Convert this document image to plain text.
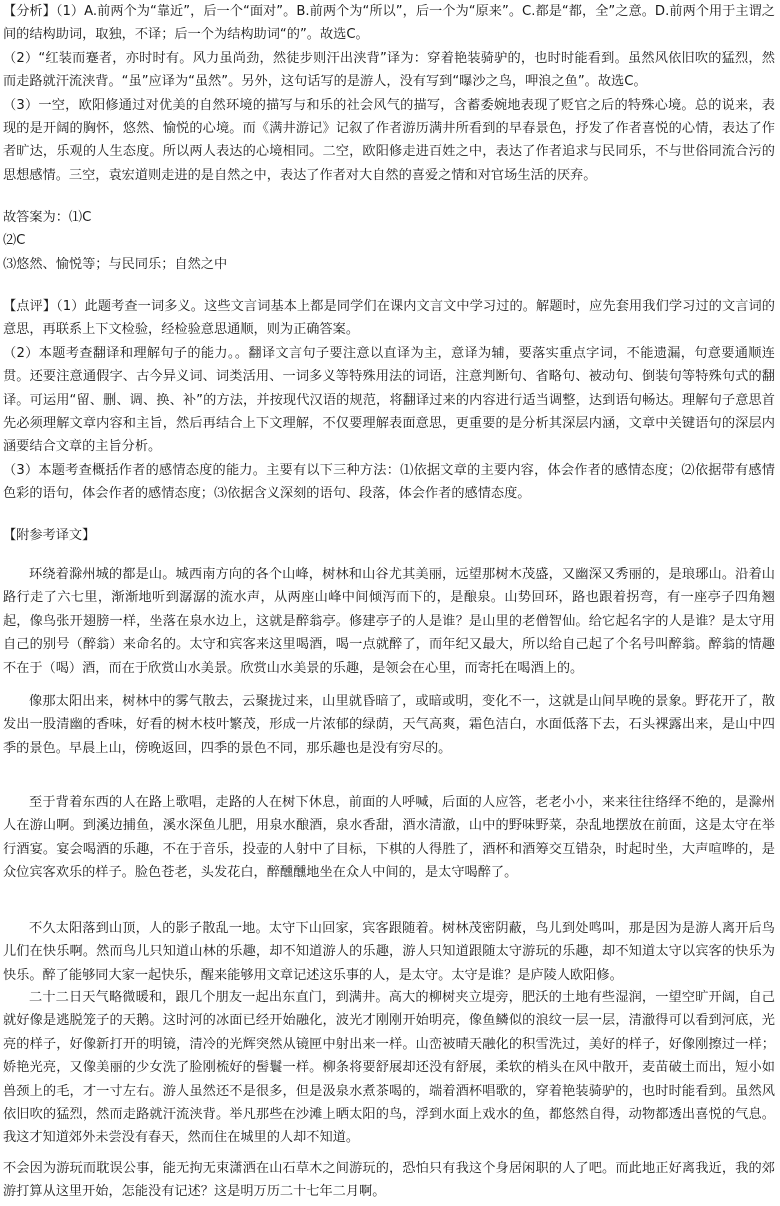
【分析】（1）A.前两个为“靠近”，后一个“面对”。B.前两个为“所以”，后一个为“原来”。C.都是“都，全”之意。D.前两个用于主谓之间的结构助词，取独，不译；后一个为结构助词“的”。故选C。

（2）“红装而蹇者，亦时时有。风力虽尚劲，然徒步则汗出浃背”译为：穿着艳装骑驴的，也时时能看到。虽然风依旧吹的猛烈，然而走路就汗流浃背。“虽”应译为“虽然”。另外，这句话写的是游人，没有写到“曝沙之鸟，呷浪之鱼”。故选C。

（3）一空，欧阳修通过对优美的自然环境的描写与和乐的社会风气的描写，含蓄委婉地表现了贬官之后的特殊心境。总的说来，表现的是开阔的胸怀，悠然、愉悦的心境。而《满井游记》记叙了作者游历满井所看到的早春景色，抒发了作者喜悦的心情，表达了作者旷达，乐观的人生态度。所以两人表达的心境相同。二空，欧阳修走进百姓之中，表达了作者追求与民同乐，不与世俗同流合污的思想感情。三空，袁宏道则走进的是自然之中，表达了作者对大自然的喜爱之情和对官场生活的厌弃。

故答案为：⑴C

⑵C

⑶悠然、愉悦等；与民同乐；自然之中

【点评】（1）此题考查一词多义。这些文言词基本上都是同学们在课内文言文中学习过的。解题时，应先套用我们学习过的文言词的意思，再联系上下文检验，经检验意思通顺，则为正确答案。

（2）本题考查翻译和理解句子的能力。。翻译文言句子要注意以直译为主，意译为辅，要落实重点字词，不能遗漏，句意要通顺连贯。还要注意通假字、古今异义词、词类活用、一词多义等特殊用法的词语，注意判断句、省略句、被动句、倒装句等特殊句式的翻译。可运用“留、删、调、换、补”的方法，并按现代汉语的规范，将翻译过来的内容进行适当调整，达到语句畅达。理解句子意思首先必须理解文章内容和主旨，然后再结合上下文理解，不仅要理解表面意思，更重要的是分析其深层内涵，文章中关键语句的深层内涵要结合文章的主旨分析。

（3）本题考查概括作者的感情态度的能力。主要有以下三种方法：⑴依据文章的主要内容，体会作者的感情态度；⑵依据带有感情色彩的语句，体会作者的感情态度；⑶依据含义深刻的语句、段落，体会作者的感情态度。

【附参考译文】

环绕着滁州城的都是山。城西南方向的各个山峰，树林和山谷尤其美丽，远望那树木茂盛，又幽深又秀丽的，是琅琊山。沿着山路行走了六七里，渐渐地听到潺潺的流水声，从两座山峰中间倾泻而下的，是酿泉。山势回环，路也跟着拐弯，有一座亭子四角翘起，像鸟张开翅膀一样，坐落在泉水边上，这就是醉翁亭。修建亭子的人是谁？是山里的老僧智仙。给它起名字的人是谁？是太守用自己的别号（醉翁）来命名的。太守和宾客来这里喝酒，喝一点就醉了，而年纪又最大，所以给自己起了个名号叫醉翁。醉翁的情趣不在于（喝）酒，而在于欣赏山水美景。欣赏山水美景的乐趣，是领会在心里，而寄托在喝酒上的。

像那太阳出来，树林中的雾气散去，云聚拢过来，山里就昏暗了，或暗或明，变化不一，这就是山间早晚的景象。野花开了，散发出一股清幽的香味，好看的树木枝叶繁茂，形成一片浓郁的绿荫，天气高爽，霜色洁白，水面低落下去，石头裸露出来，是山中四季的景色。早晨上山，傍晚返回，四季的景色不同，那乐趣也是没有穷尽的。

至于背着东西的人在路上歌唱，走路的人在树下休息，前面的人呼喊，后面的人应答，老老小小，来来往往络绎不绝的，是滁州人在游山啊。到溪边捕鱼，溪水深鱼儿肥，用泉水酿酒，泉水香甜，酒水清澈，山中的野味野菜，杂乱地摆放在前面，这是太守在举行酒宴。宴会喝酒的乐趣，不在于音乐，投壶的人射中了目标，下棋的人得胜了，酒杯和酒筹交互错杂，时起时坐，大声喧哗的，是众位宾客欢乐的样子。脸色苍老，头发花白，醉醺醺地坐在众人中间的，是太守喝醉了。

不久太阳落到山顶，人的影子散乱一地。太守下山回家，宾客跟随着。树林茂密阴蔽，鸟儿到处鸣叫，那是因为是游人离开后鸟儿们在快乐啊。然而鸟儿只知道山林的乐趣，却不知道游人的乐趣，游人只知道跟随太守游玩的乐趣，却不知道太守以宾客的快乐为快乐。醉了能够同大家一起快乐，醒来能够用文章记述这乐事的人，是太守。太守是谁？是庐陵人欧阳修。

二十二日天气略微暖和，跟几个朋友一起出东直门，到满井。高大的柳树夹立堤旁，肥沃的土地有些湿润，一望空旷开阔，自己就好像是逃脱笼子的天鹅。这时河的冰面已经开始融化，波光才刚刚开始明亮，像鱼鳞似的浪纹一层一层，清澈得可以看到河底，光亮的样子，好像新打开的明镜，清冷的光辉突然从镜匣中射出来一样。山峦被晴天融化的积雪洗过，美好的样子，好像刚擦过一样；娇艳光亮，又像美丽的少女洗了脸刚梳好的髻鬟一样。柳条将要舒展却还没有舒展，柔软的梢头在风中散开，麦苗破土而出，短小如兽颈上的毛，才一寸左右。游人虽然还不是很多，但是汲泉水煮茶喝的，端着酒杯唱歌的，穿着艳装骑驴的，也时时能看到。虽然风依旧吹的猛烈，然而走路就汗流浃背。举凡那些在沙滩上晒太阳的鸟，浮到水面上戏水的鱼，都悠然自得，动物都透出喜悦的气息。我这才知道郊外未尝没有春天，然而住在城里的人却不知道。

不会因为游玩而耽误公事，能无拘无束潇洒在山石草木之间游玩的，恐怕只有我这个身居闲职的人了吧。而此地正好离我近，我的郊游打算从这里开始，怎能没有记述？这是明万历二十七年二月啊。
